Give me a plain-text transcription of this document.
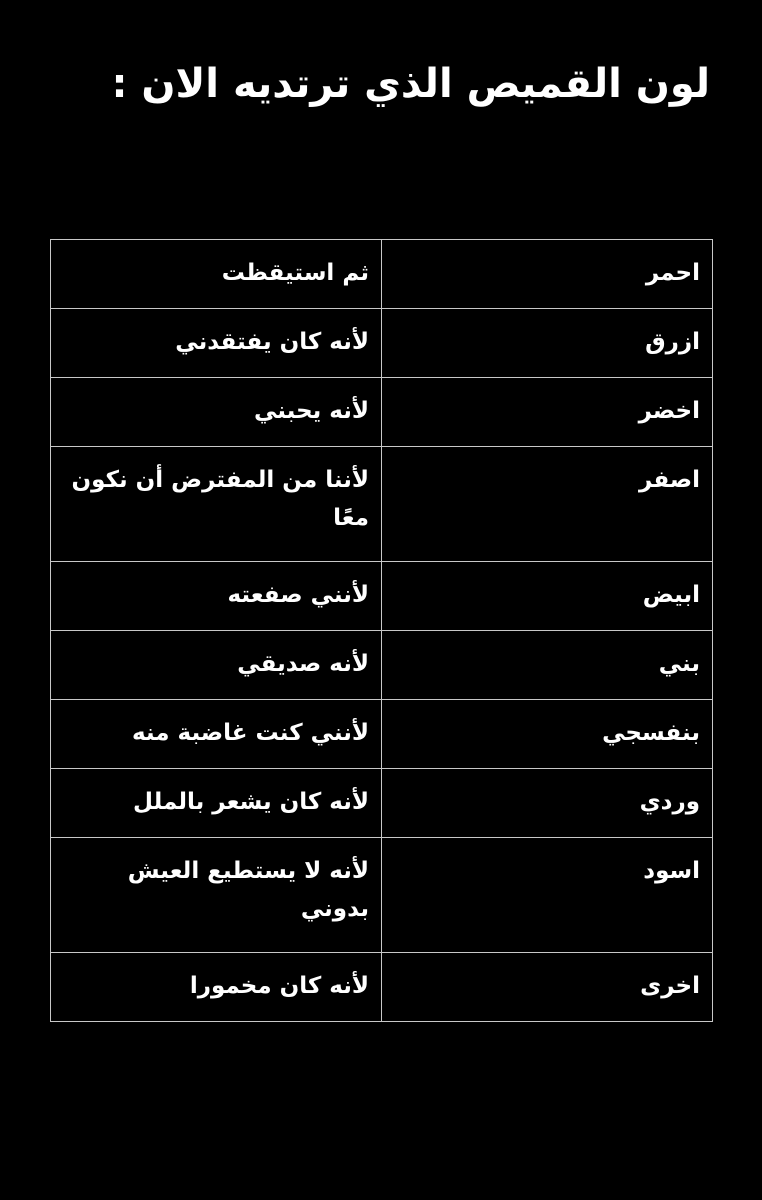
لون القميص الذي ترتديه الان :
احمر	ثم استيقظت
ازرق	لأنه كان يفتقدني
اخضر	لأنه يحبني
اصفر	لأننا من المفترض أن نكون معًا
ابيض	لأنني صفعته
بني	لأنه صديقي
بنفسجي	لأنني كنت غاضبة منه
وردي	لأنه كان يشعر بالملل
اسود	لأنه لا يستطيع العيش بدوني
اخرى	لأنه كان مخمورا
